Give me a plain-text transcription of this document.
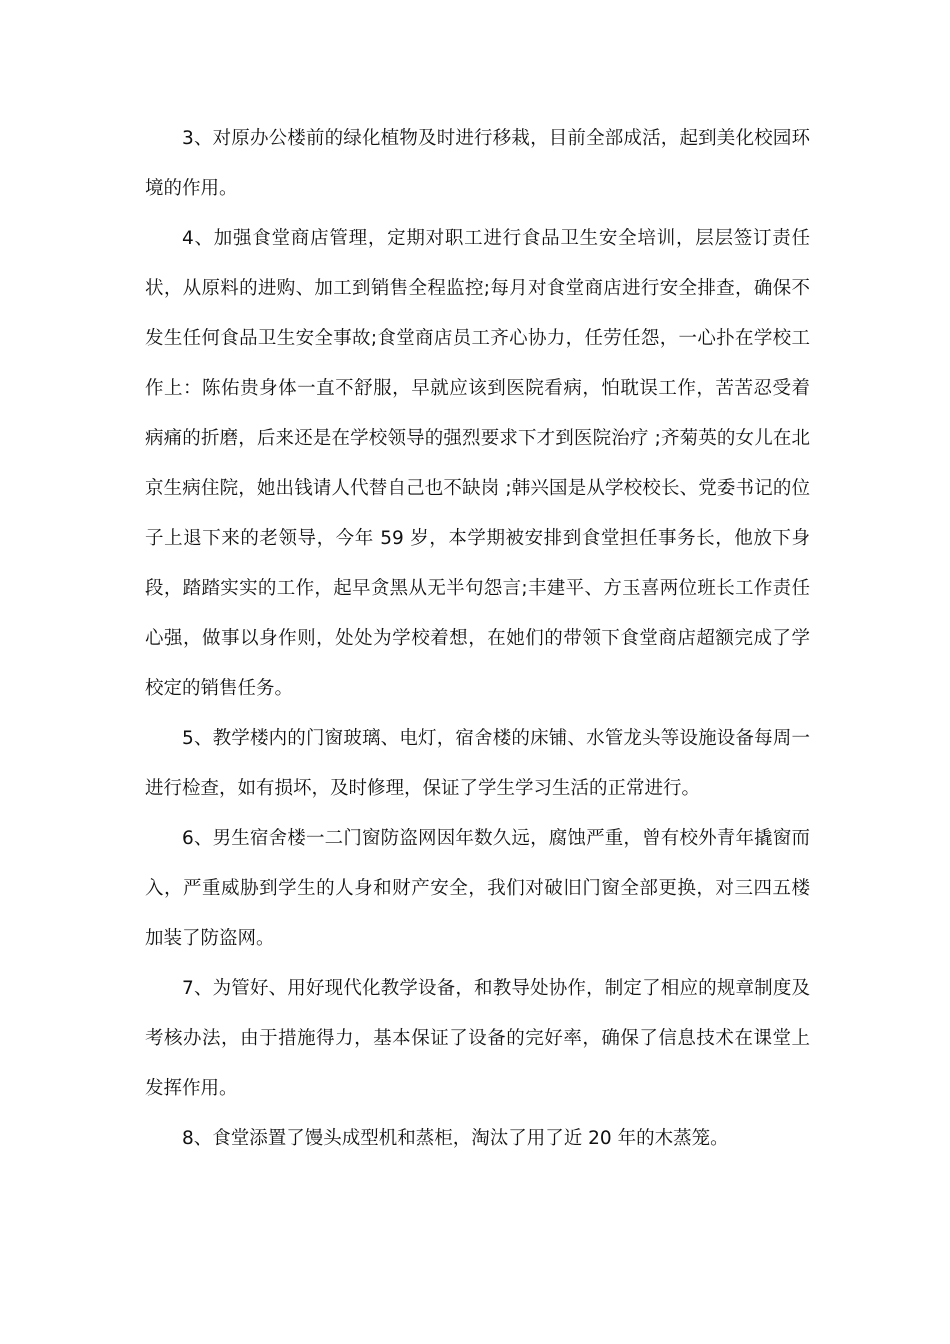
3、对原办公楼前的绿化植物及时进行移栽，目前全部成活，起到美化校园环境的作用。

4、加强食堂商店管理，定期对职工进行食品卫生安全培训，层层签订责任状，从原料的进购、加工到销售全程监控;每月对食堂商店进行安全排查，确保不发生任何食品卫生安全事故;食堂商店员工齐心协力，任劳任怨，一心扑在学校工作上：陈佑贵身体一直不舒服，早就应该到医院看病，怕耽误工作，苦苦忍受着病痛的折磨，后来还是在学校领导的强烈要求下才到医院治疗 ;齐菊英的女儿在北京生病住院，她出钱请人代替自己也不缺岗 ;韩兴国是从学校校长、党委书记的位子上退下来的老领导，今年 59 岁，本学期被安排到食堂担任事务长，他放下身段，踏踏实实的工作，起早贪黑从无半句怨言;丰建平、方玉喜两位班长工作责任心强，做事以身作则，处处为学校着想，在她们的带领下食堂商店超额完成了学校定的销售任务。

5、教学楼内的门窗玻璃、电灯，宿舍楼的床铺、水管龙头等设施设备每周一进行检查，如有损坏，及时修理，保证了学生学习生活的正常进行。

6、男生宿舍楼一二门窗防盗网因年数久远，腐蚀严重，曾有校外青年撬窗而入，严重威胁到学生的人身和财产安全，我们对破旧门窗全部更换，对三四五楼加装了防盗网。

7、为管好、用好现代化教学设备，和教导处协作，制定了相应的规章制度及考核办法，由于措施得力，基本保证了设备的完好率，确保了信息技术在课堂上发挥作用。

8、食堂添置了馒头成型机和蒸柜，淘汰了用了近 20 年的木蒸笼。
